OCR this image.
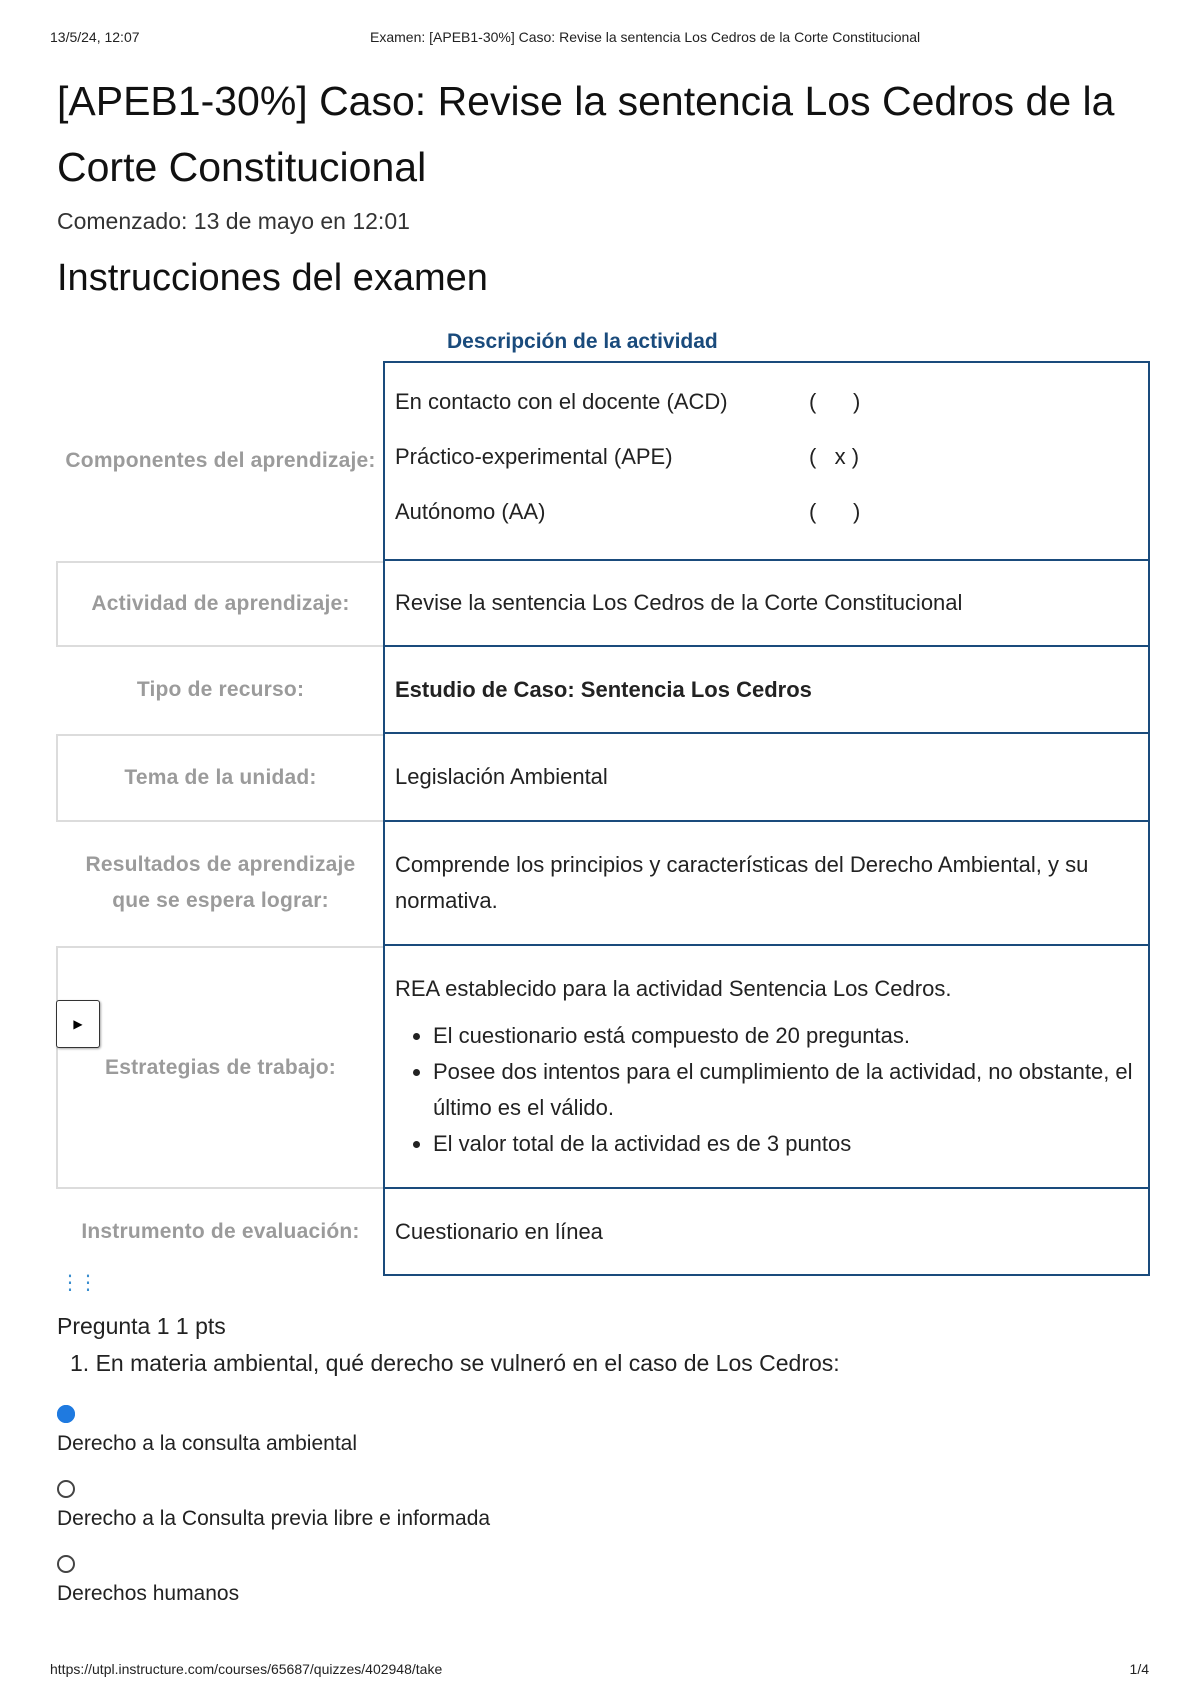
13/5/24, 12:07	Examen: [APEB1-30%] Caso: Revise la sentencia Los Cedros de la Corte Constitucional
[APEB1-30%] Caso: Revise la sentencia Los Cedros de la Corte Constitucional
Comenzado: 13 de mayo en 12:01
Instrucciones del examen
Descripción de la actividad
Componentes del aprendizaje:
En contacto con el docente (ACD)	(      )
Práctico-experimental (APE)	(   x )
Autónomo (AA)	(      )
Actividad de aprendizaje:	Revise la sentencia Los Cedros de la Corte Constitucional
Tipo de recurso:	Estudio de Caso: Sentencia Los Cedros
Tema de la unidad:	Legislación Ambiental
Resultados de aprendizaje que se espera lograr:
Comprende los principios y características del Derecho Ambiental, y su normativa.
Estrategias de trabajo:
▶

REA establecido para la actividad Sentencia Los Cedros.

• El cuestionario está compuesto de 20 preguntas.
• Posee dos intentos para el cumplimiento de la actividad, no obstante, el último es el válido.
• El valor total de la actividad es de 3 puntos
Instrumento de evaluación:	Cuestionario en línea
⋮⋮
Pregunta 1 1 pts
1. En materia ambiental, qué derecho se vulneró en el caso de Los Cedros:
Derecho a la consulta ambiental
Derecho a la Consulta previa libre e informada
Derechos humanos
https://utpl.instructure.com/courses/65687/quizzes/402948/take	1/4
